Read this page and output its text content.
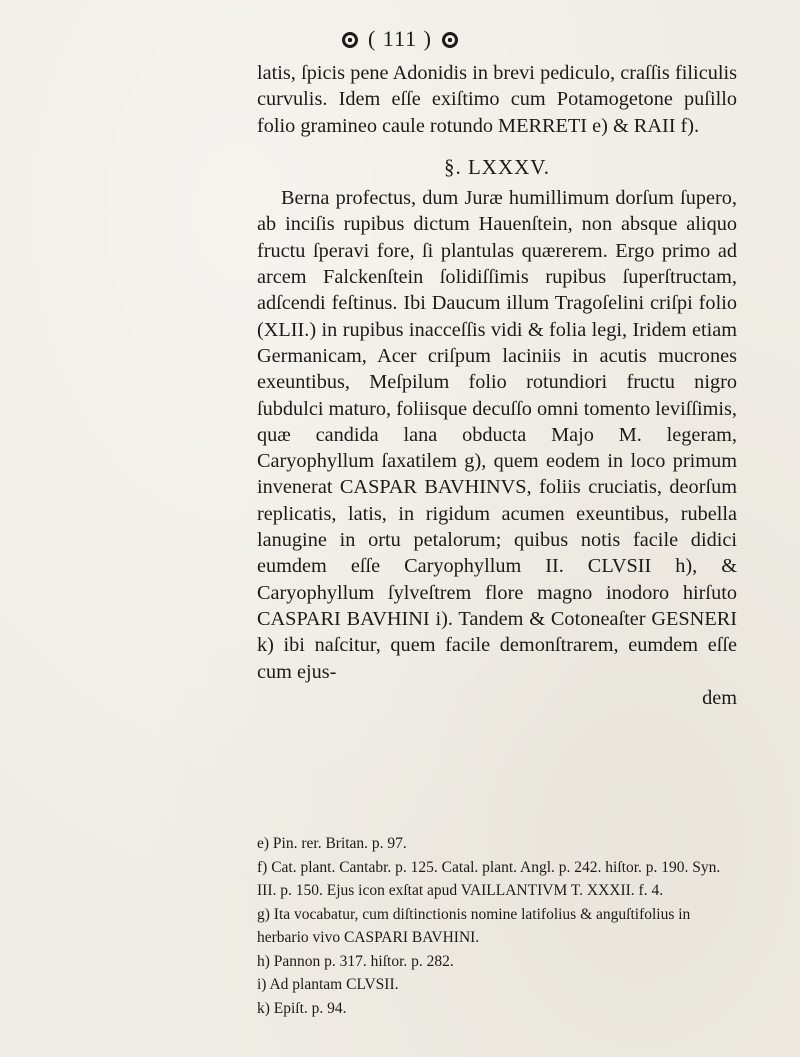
( 111 )

latis, ſpicis pene Adonidis in brevi pediculo, craſſis filiculis curvulis. Idem eſſe exiſtimo cum Potamogetone puſillo folio gramineo caule rotundo MERRETI e) & RAII f).

§. LXXXV.

Berna profectus, dum Juræ humillimum dorſum ſupero, ab inciſis rupibus dictum Hauenſtein, non absque aliquo fructu ſperavi fore, ſi plantulas quærerem. Ergo primo ad arcem Falckenſtein ſolidiſſimis rupibus ſuperſtructam, adſcendi feſtinus. Ibi Daucum illum Tragoſelini criſpi folio (XLII.) in rupibus inacceſſis vidi & folia legi, Iridem etiam Germanicam, Acer criſpum laciniis in acutis mucrones exeuntibus, Meſpilum folio rotundiori fructu nigro ſubdulci maturo, foliisque decuſſo omni tomento leviſſimis, quæ candida lana obducta Majo M. legeram, Caryophyllum ſaxatilem g), quem eodem in loco primum invenerat CASPAR BAVHINVS, foliis cruciatis, deorſum replicatis, latis, in rigidum acumen exeuntibus, rubella lanugine in ortu petalorum; quibus notis facile didici eumdem eſſe Caryophyllum II. CLVSII h), & Caryophyllum ſylveſtrem flore magno inodoro hirſuto CASPARI BAVHINI i). Tandem & Cotoneaſter GESNERI k) ibi naſcitur, quem facile demonſtrarem, eumdem eſſe cum ejus-

dem

e) Pin. rer. Britan. p. 97.

f) Cat. plant. Cantabr. p. 125. Catal. plant. Angl. p. 242. hiſtor. p. 190. Syn. III. p. 150. Ejus icon exſtat apud VAILLANTIVM T. XXXII. f. 4.

g) Ita vocabatur, cum diſtinctionis nomine latifolius & anguſtifolius in herbario vivo CASPARI BAVHINI.

h) Pannon p. 317. hiſtor. p. 282.

i) Ad plantam CLVSII.

k) Epiſt. p. 94.
